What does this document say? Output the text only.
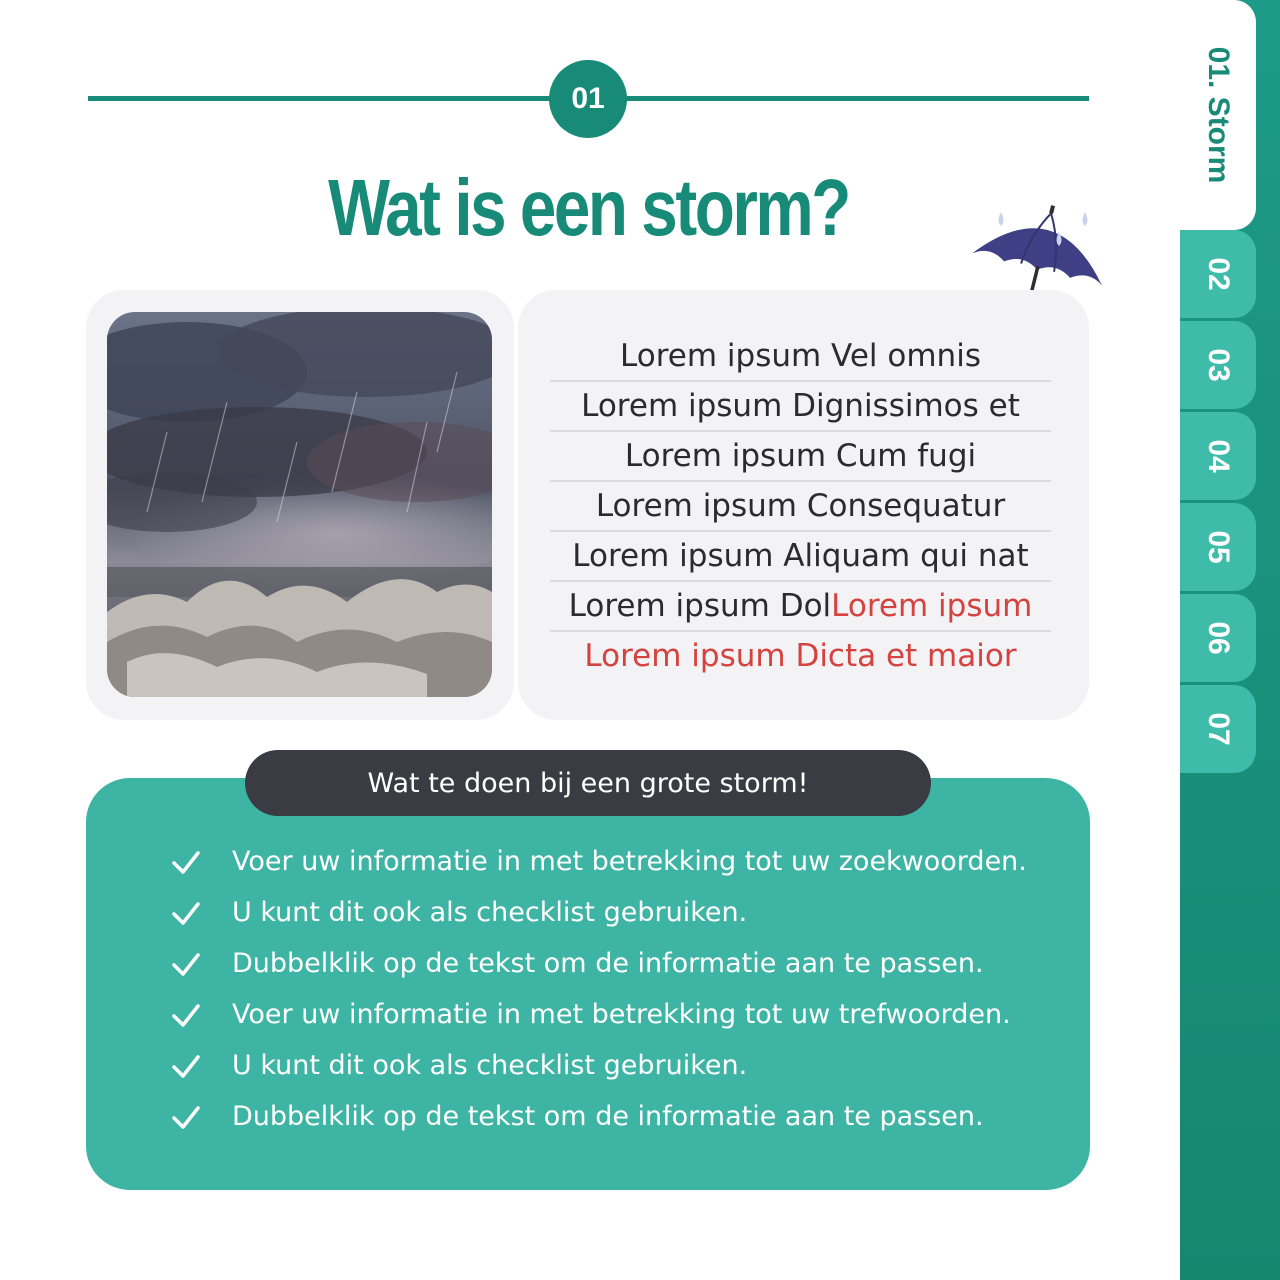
01. Storm
02
03
04
05
06
07
01
Wat is een storm?
Lorem ipsum Vel omnis
Lorem ipsum Dignissimos et
Lorem ipsum Cum fugi
Lorem ipsum Consequatur
Lorem ipsum Aliquam qui nat
Lorem ipsum DolLorem ipsum
Lorem ipsum Dicta et maior
Wat te doen bij een grote storm!
Voer uw informatie in met betrekking tot uw zoekwoorden.
U kunt dit ook als checklist gebruiken.
Dubbelklik op de tekst om de informatie aan te passen.
Voer uw informatie in met betrekking tot uw trefwoorden.
U kunt dit ook als checklist gebruiken.
Dubbelklik op de tekst om de informatie aan te passen.
